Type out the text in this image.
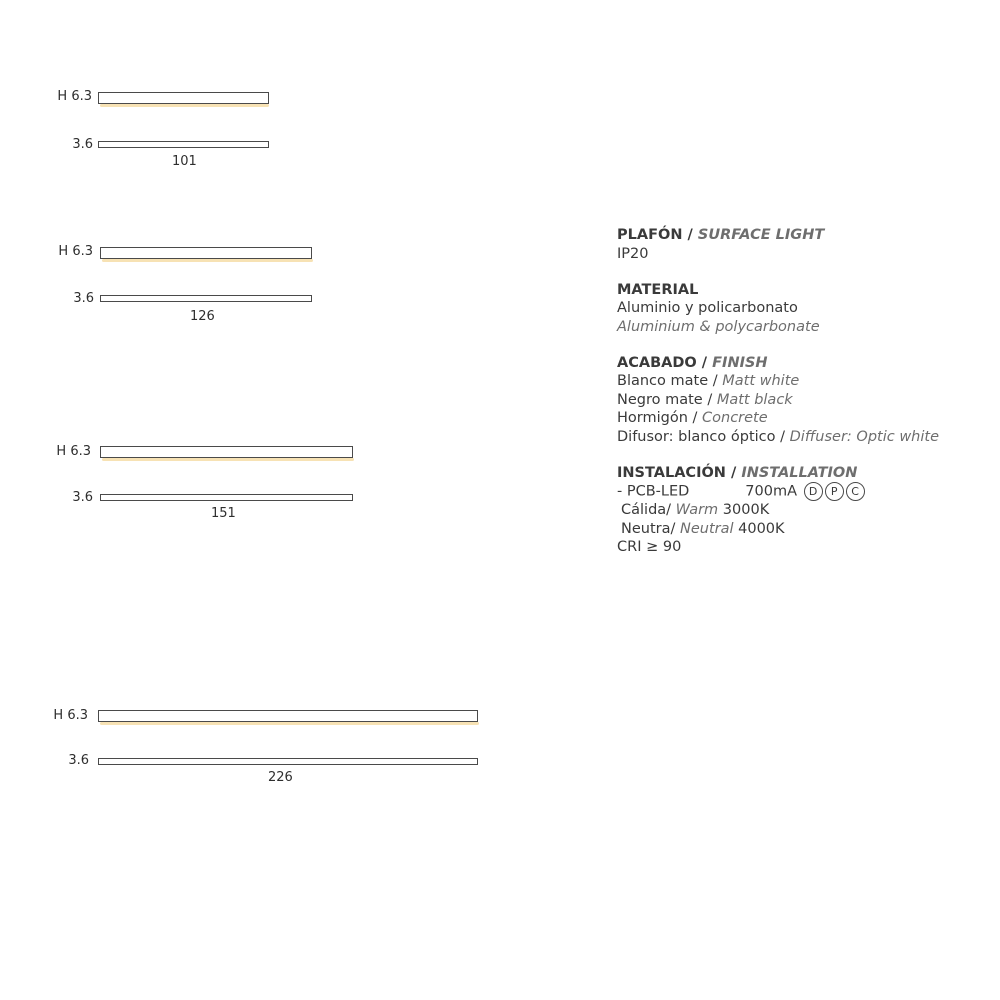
H 6.3
3.6
101
H 6.3
3.6
126
H 6.3
3.6
151
H 6.3
3.6
226
PLAFÓN / SURFACE LIGHT
IP20
MATERIAL
Aluminio y policarbonato
Aluminium & polycarbonate
ACABADO / FINISH
Blanco mate / Matt white
Negro mate / Matt black
Hormigón / Concrete
Difusor: blanco óptico / Diffuser: Optic white
INSTALACIÓN / INSTALLATION
- PCB-LED	700mA D P C
Cálida/ Warm 3000K
Neutra/ Neutral 4000K
CRI ≥ 90
